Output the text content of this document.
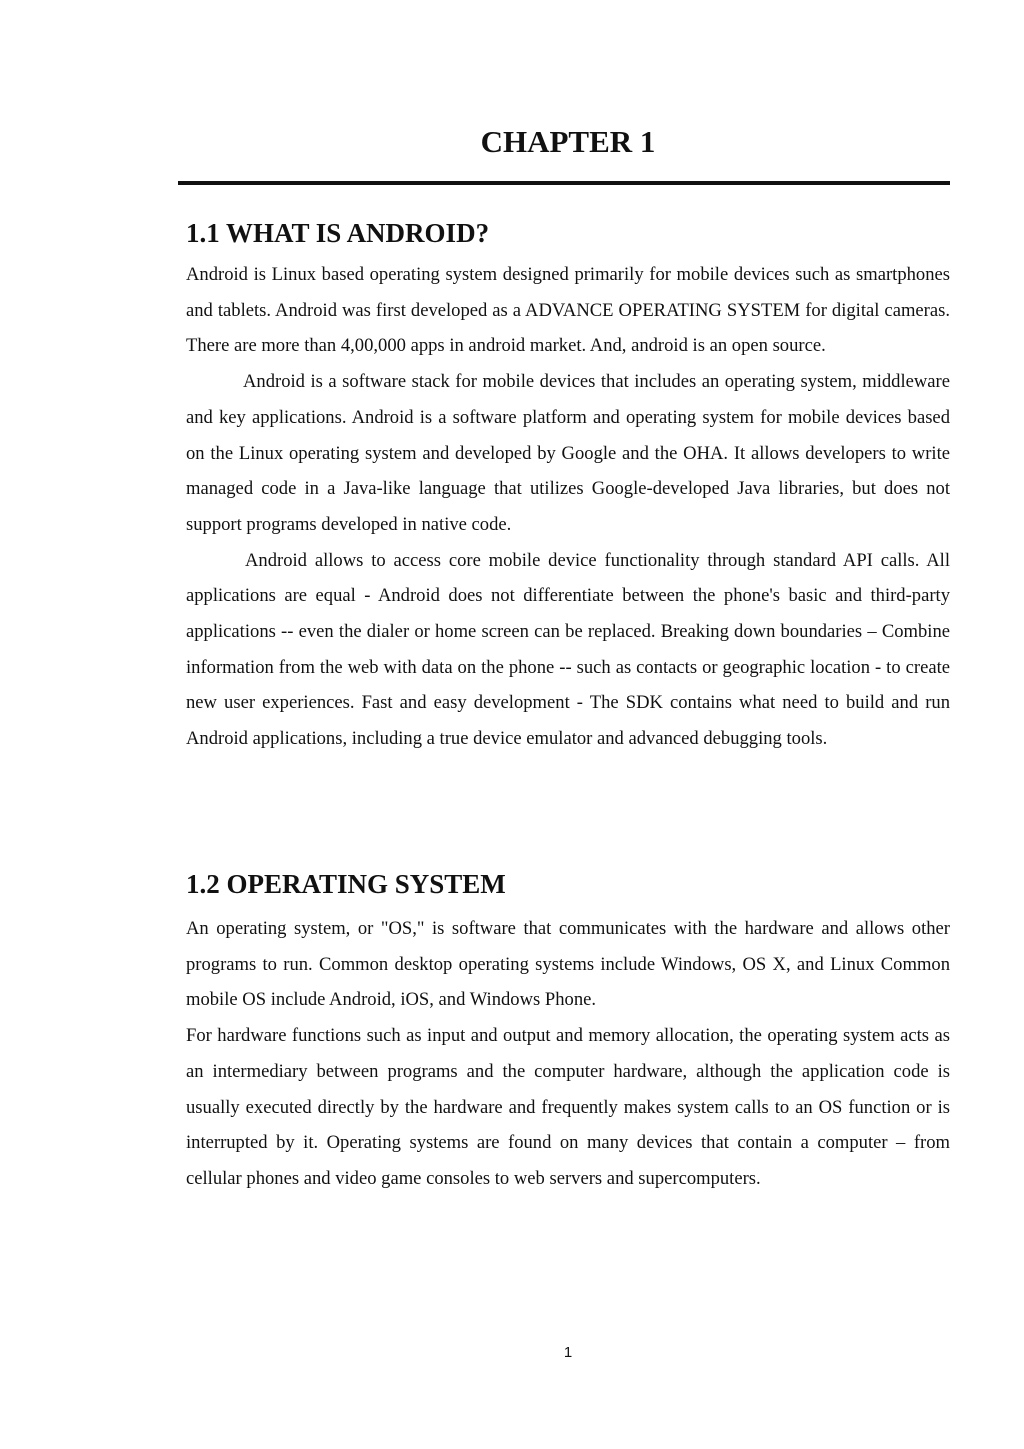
CHAPTER 1
1.1 WHAT IS ANDROID?

Android is Linux based operating system designed primarily for mobile devices such as smartphones and tablets. Android was first developed as a ADVANCE OPERATING SYSTEM for digital cameras. There are more than 4,00,000 apps in android market. And, android is an open source.

Android is a software stack for mobile devices that includes an operating system, middleware and key applications. Android is a software platform and operating system for mobile devices based on the Linux operating system and developed by Google and the OHA. It allows developers to write managed code in a Java-like language that utilizes Google-developed Java libraries, but does not support programs developed in native code.

Android allows to access core mobile device functionality through standard API calls. All applications are equal - Android does not differentiate between the phone's basic and third-party applications -- even the dialer or home screen can be replaced. Breaking down boundaries – Combine information from the web with data on the phone -- such as contacts or geographic location - to create new user experiences. Fast and easy development - The SDK contains what need to build and run Android applications, including a true device emulator and advanced debugging tools.

1.2 OPERATING SYSTEM

An operating system, or "OS," is software that communicates with the hardware and allows other programs to run. Common desktop operating systems include Windows, OS X, and Linux Common mobile OS include Android, iOS, and Windows Phone.

For hardware functions such as input and output and memory allocation, the operating system acts as an intermediary between programs and the computer hardware, although the application code is usually executed directly by the hardware and frequently makes system calls to an OS function or is interrupted by it. Operating systems are found on many devices that contain a computer – from cellular phones and video game consoles to web servers and supercomputers.

1
